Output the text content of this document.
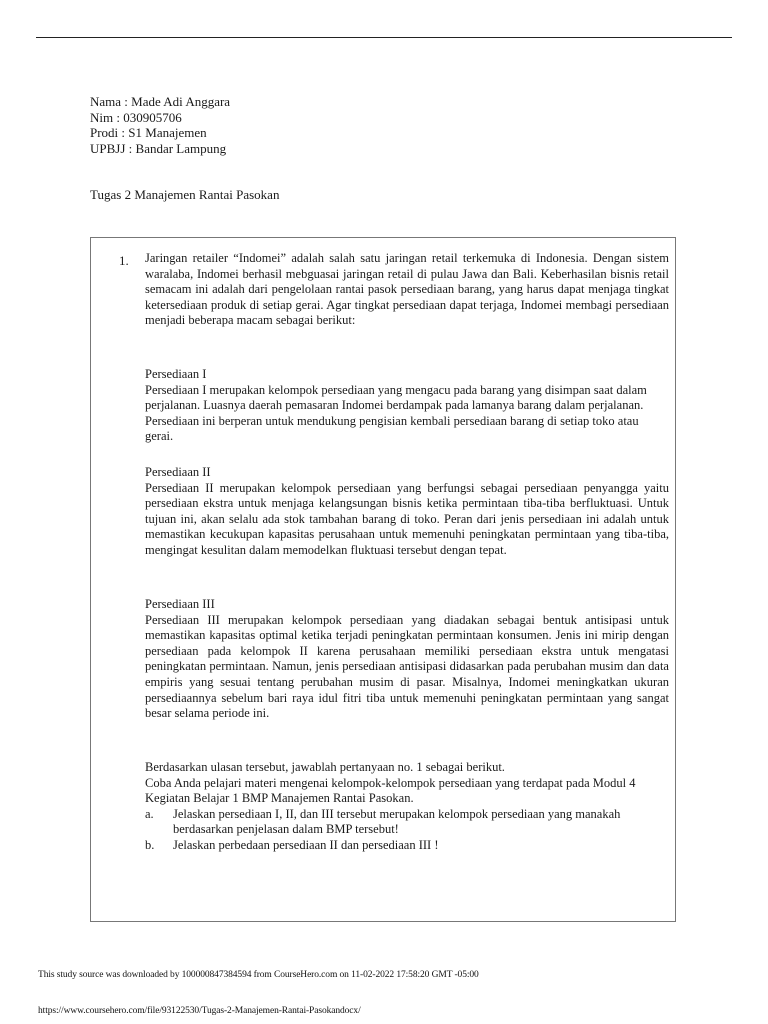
Nama : Made Adi Anggara
Nim : 030905706
Prodi : S1 Manajemen
UPBJJ : Bandar Lampung
Tugas 2 Manajemen Rantai Pasokan
1. Jaringan retailer “Indomei” adalah salah satu jaringan retail terkemuka di Indonesia. Dengan sistem waralaba, Indomei berhasil mebguasai jaringan retail di pulau Jawa dan Bali. Keberhasilan bisnis retail semacam ini adalah dari pengelolaan rantai pasok persediaan barang, yang harus dapat menjaga tingkat ketersediaan produk di setiap gerai. Agar tingkat persediaan dapat terjaga, Indomei membagi persediaan menjadi beberapa macam sebagai berikut:

Persediaan I

Persediaan I merupakan kelompok persediaan yang mengacu pada barang yang disimpan saat dalam perjalanan. Luasnya daerah pemasaran Indomei berdampak pada lamanya barang dalam perjalanan. Persediaan ini berperan untuk mendukung pengisian kembali persediaan barang di setiap toko atau gerai.

Persediaan II

Persediaan II merupakan kelompok persediaan yang berfungsi sebagai persediaan penyangga yaitu persediaan ekstra untuk menjaga kelangsungan bisnis ketika permintaan tiba-tiba berfluktuasi. Untuk tujuan ini, akan selalu ada stok tambahan barang di toko. Peran dari jenis persediaan ini adalah untuk memastikan kecukupan kapasitas perusahaan untuk memenuhi peningkatan permintaan yang tiba-tiba, mengingat kesulitan dalam memodelkan fluktuasi tersebut dengan tepat.

Persediaan III

Persediaan III merupakan kelompok persediaan yang diadakan sebagai bentuk antisipasi untuk memastikan kapasitas optimal ketika terjadi peningkatan permintaan konsumen. Jenis ini mirip dengan persediaan pada kelompok II karena perusahaan memiliki persediaan ekstra untuk mengatasi peningkatan permintaan. Namun, jenis persediaan antisipasi didasarkan pada perubahan musim dan data empiris yang sesuai tentang perubahan musim di pasar. Misalnya, Indomei meningkatkan ukuran persediaannya sebelum bari raya idul fitri tiba untuk memenuhi peningkatan permintaan yang sangat besar selama periode ini.

Berdasarkan ulasan tersebut, jawablah pertanyaan no. 1 sebagai berikut.

Coba Anda pelajari materi mengenai kelompok-kelompok persediaan yang terdapat pada Modul 4 Kegiatan Belajar 1 BMP Manajemen Rantai Pasokan.

a.	Jelaskan persediaan I, II, dan III tersebut merupakan kelompok persediaan yang manakah berdasarkan penjelasan dalam BMP tersebut!
b.	Jelaskan perbedaan persediaan II dan persediaan III !
This study source was downloaded by 100000847384594 from CourseHero.com on 11-02-2022 17:58:20 GMT -05:00
https://www.coursehero.com/file/93122530/Tugas-2-Manajemen-Rantai-Pasokandocx/
